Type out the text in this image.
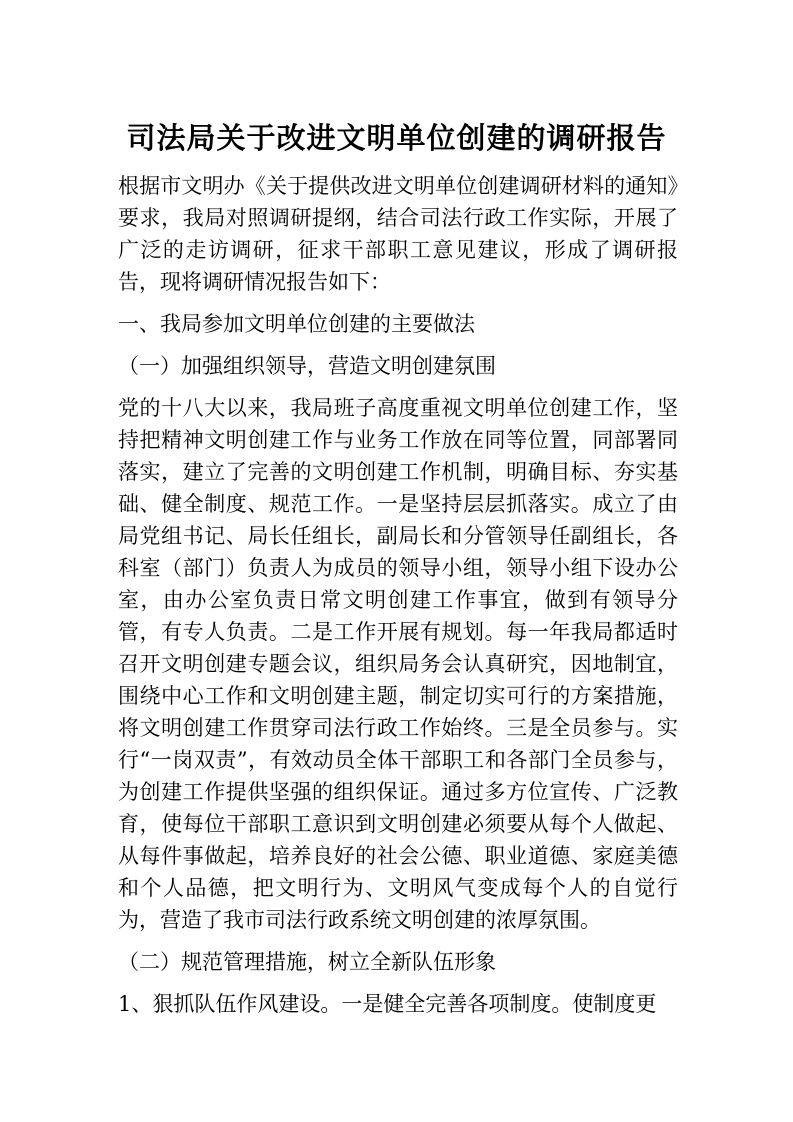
司法局关于改进文明单位创建的调研报告

根据市文明办《关于提供改进文明单位创建调研材料的通知》要求，我局对照调研提纲，结合司法行政工作实际，开展了广泛的走访调研，征求干部职工意见建议，形成了调研报告，现将调研情况报告如下：

一、我局参加文明单位创建的主要做法

（一）加强组织领导，营造文明创建氛围

党的十八大以来，我局班子高度重视文明单位创建工作，坚持把精神文明创建工作与业务工作放在同等位置，同部署同落实，建立了完善的文明创建工作机制，明确目标、夯实基础、健全制度、规范工作。一是坚持层层抓落实。成立了由局党组书记、局长任组长，副局长和分管领导任副组长，各科室（部门）负责人为成员的领导小组，领导小组下设办公室，由办公室负责日常文明创建工作事宜，做到有领导分管，有专人负责。二是工作开展有规划。每一年我局都适时召开文明创建专题会议，组织局务会认真研究，因地制宜，围绕中心工作和文明创建主题，制定切实可行的方案措施，将文明创建工作贯穿司法行政工作始终。三是全员参与。实行“一岗双责”，有效动员全体干部职工和各部门全员参与，为创建工作提供坚强的组织保证。通过多方位宣传、广泛教育，使每位干部职工意识到文明创建必须要从每个人做起、从每件事做起，培养良好的社会公德、职业道德、家庭美德和个人品德，把文明行为、文明风气变成每个人的自觉行为，营造了我市司法行政系统文明创建的浓厚氛围。

（二）规范管理措施，树立全新队伍形象

1、狠抓队伍作风建设。一是健全完善各项制度。使制度更
